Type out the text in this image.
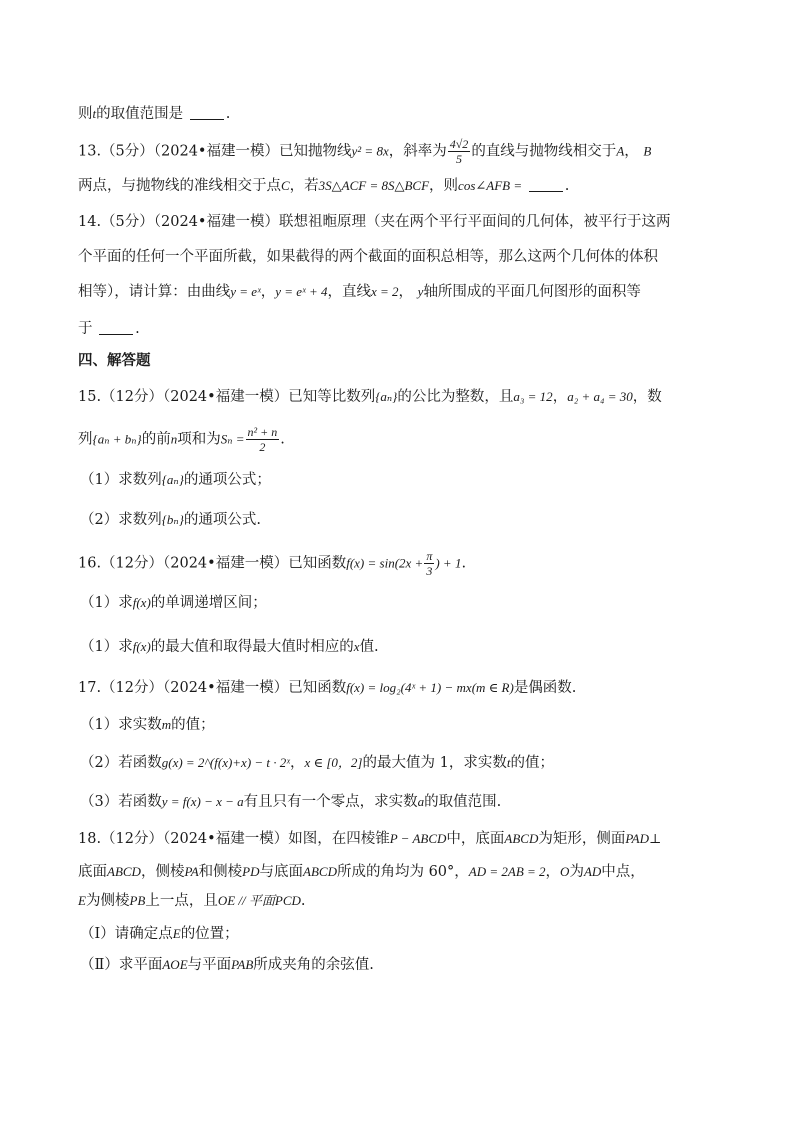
则t的取值范围是	.
13.（5分）（2024•福建一模）已知抛物线y² = 8x，斜率为 $\frac{4√2}{5}$ 的直线与抛物线相交于A， B
两点，与抛物线的准线相交于点C，若3S△ACF = 8S△BCF，则cos∠AFB =	.
14.（5分）（2024•福建一模）联想祖暅原理（夹在两个平行平面间的几何体，被平行于这两
个平面的任何一个平面所截，如果截得的两个截面的面积总相等，那么这两个几何体的体积
相等），请计算：由曲线y = eˣ，y = eˣ + 4，直线x = 2， y轴所围成的平面几何图形的面积等
于	.
四、解答题
15.（12分）（2024•福建一模）已知等比数列{aₙ}的公比为整数，且a₃ = 12，a₂ + a₄ = 30，数
列{aₙ + bₙ}的前n项和为$S_n = \frac{\text{n² + n}}{2}$ .
（1）求数列{aₙ}的通项公式；
（2）求数列{bₙ}的通项公式.
16.（12分）（2024•福建一模）已知函数$f(x) = \sin(2x + \frac{\pi}{3}$ ) + 1.
（1）求f(x)的单调递增区间；
（1）求f(x)的最大值和取得最大值时相应的x值.
17.（12分）（2024•福建一模）已知函数f(x) = log₂(4ˣ + 1) − mx(m ∈ R)是偶函数.
（1）求实数m的值；
（2）若函数g(x) = 2^(f(x)+x) − t · 2ˣ，x ∈ [0，2]的最大值为 1，求实数t的值；
（3）若函数y = f(x) − x − a有且只有一个零点，求实数a的取值范围.
18.（12分）（2024•福建一模）如图，在四棱锥P − ABCD中，底面ABCD为矩形，侧面PAD⊥
底面ABCD，侧棱PA和侧棱PD与底面ABCD所成的角均为 60°，AD = 2AB = 2，O为AD中点，
E为侧棱PB上一点，且OE // 平面PCD.
（Ⅰ）请确定点E的位置；
（Ⅱ）求平面AOE与平面PAB所成夹角的余弦值.
